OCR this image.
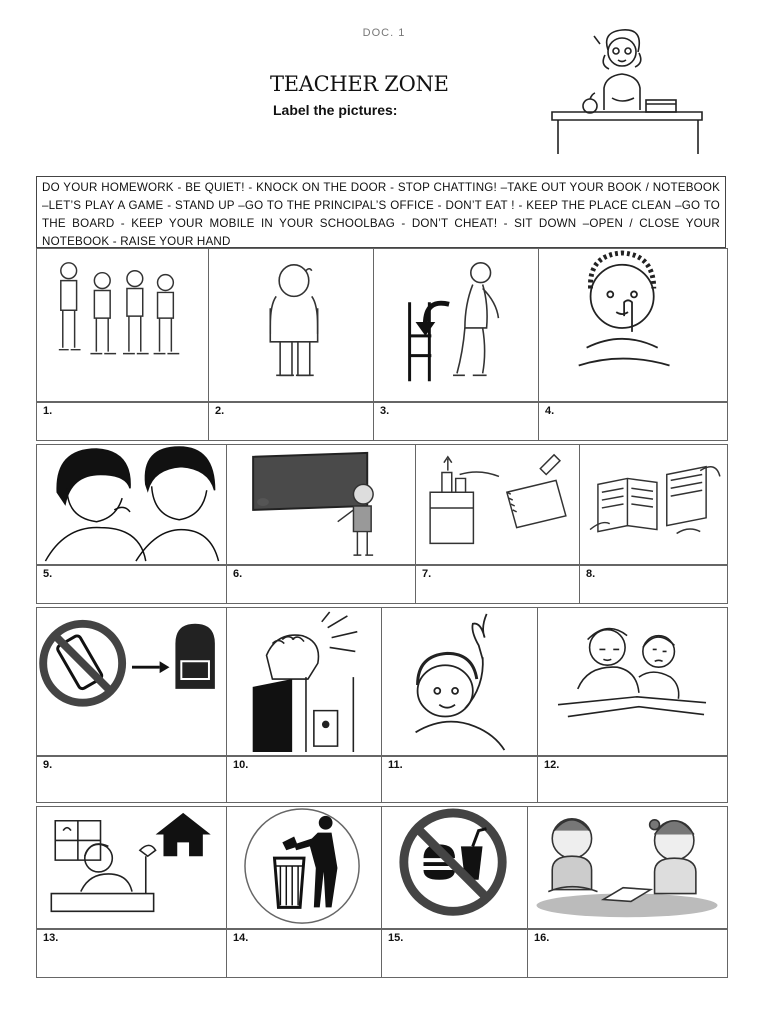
DOC. 1
TEACHER ZONE
Label the pictures:
DO YOUR HOMEWORK - BE QUIET! - KNOCK ON THE DOOR - STOP CHATTING! –TAKE OUT YOUR BOOK / NOTEBOOK –LET’S PLAY A GAME - STAND UP –GO TO THE PRINCIPAL’S OFFICE - DON’T EAT ! - KEEP THE PLACE CLEAN –GO TO THE BOARD - KEEP YOUR MOBILE IN YOUR SCHOOLBAG - DON’T CHEAT! - SIT DOWN –OPEN / CLOSE YOUR NOTEBOOK - RAISE YOUR HAND
1.	2.	3.	4.
5.	6.	7.	8.
9.	10.	11.	12.
13.	14.	15.	16.
